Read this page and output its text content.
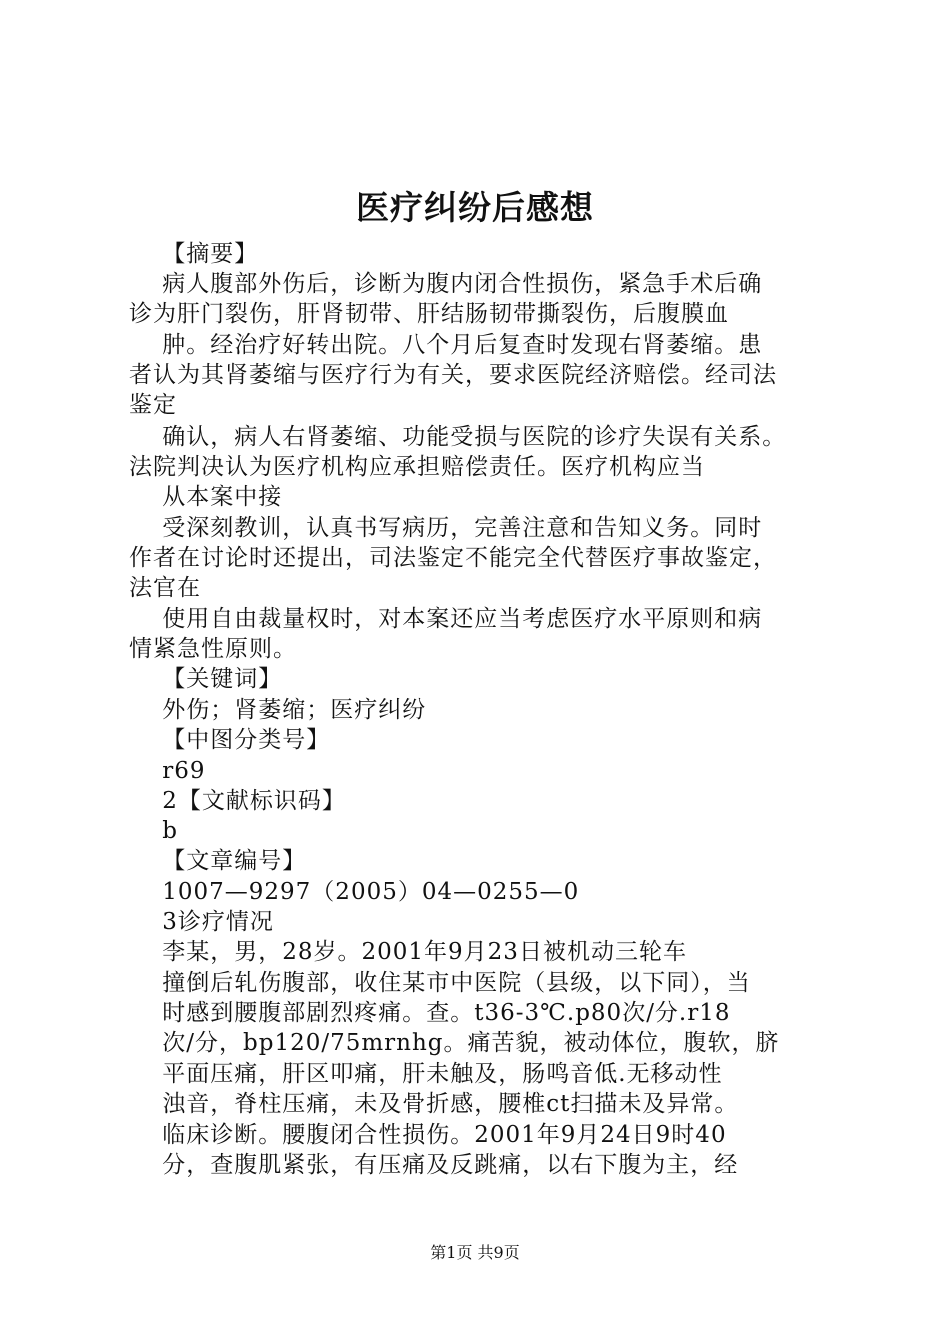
医疗纠纷后感想
【摘要】
病人腹部外伤后，诊断为腹内闭合性损伤，紧急手术后确
诊为肝门裂伤，肝肾韧带、肝结肠韧带撕裂伤，后腹膜血
肿。经治疗好转出院。八个月后复查时发现右肾萎缩。患
者认为其肾萎缩与医疗行为有关，要求医院经济赔偿。经司法
鉴定
确认，病人右肾萎缩、功能受损与医院的诊疗失误有关系。
法院判决认为医疗机构应承担赔偿责任。医疗机构应当
从本案中接
受深刻教训，认真书写病历，完善注意和告知义务。同时
作者在讨论时还提出，司法鉴定不能完全代替医疗事故鉴定，
法官在
使用自由裁量权时，对本案还应当考虑医疗水平原则和病
情紧急性原则。
【关键词】
外伤；肾萎缩；医疗纠纷
【中图分类号】
r69
2【文献标识码】
b
【文章编号】
1007—9297（2005）04—0255—0
3诊疗情况
李某，男，28岁。2001年9月23日被机动三轮车
撞倒后轧伤腹部，收住某市中医院（县级，以下同），当
时感到腰腹部剧烈疼痛。查。t36-3℃.p80次/分.r18
次/分，bp120/75mrnhg。痛苦貌，被动体位，腹软，脐
平面压痛，肝区叩痛，肝未触及，肠鸣音低.无移动性
浊音，脊柱压痛，未及骨折感，腰椎ct扫描未及异常。
临床诊断。腰腹闭合性损伤。2001年9月24日9时40
分，查腹肌紧张，有压痛及反跳痛，以右下腹为主，经
第1页 共9页
